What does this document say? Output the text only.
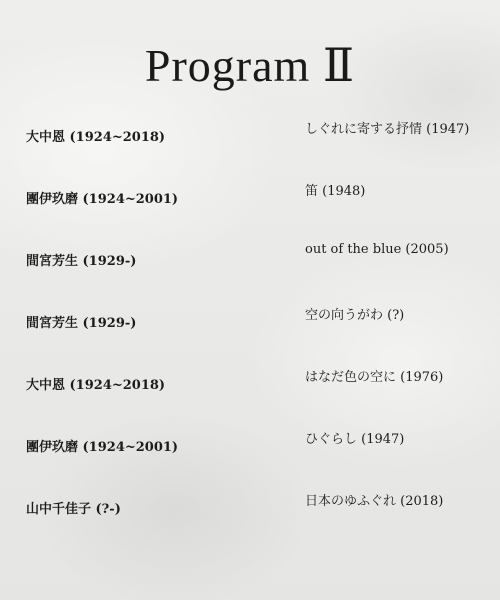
Program Ⅱ
大中恩 (1924~2018)
しぐれに寄する抒情 (1947)
團伊玖磨 (1924~2001)
笛 (1948)
間宮芳生 (1929-)
out of the blue (2005)
間宮芳生 (1929-)
空の向うがわ (?)
大中恩 (1924~2018)
はなだ色の空に (1976)
團伊玖磨 (1924~2001)
ひぐらし (1947)
山中千佳子 (?-)
日本のゆふぐれ (2018)
